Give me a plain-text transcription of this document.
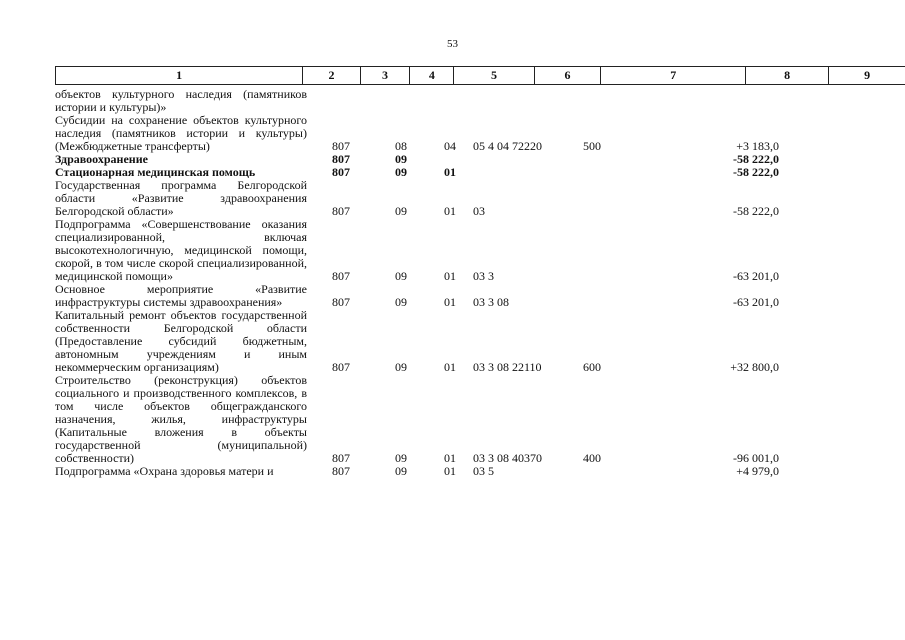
53
1	2	3	4	5	6	7	8	9
объектов культурного наследия (памятников истории и культуры)»						
Субсидии на сохранение объектов культурного наследия (памятников истории и культуры) (Межбюджетные трансферты)	807	08	04	05 4 04 72220	500	+3 183,0
Здравоохранение	807	09				-58 222,0
Стационарная медицинская помощь	807	09	01			-58 222,0
Государственная программа Белгородской области «Развитие здравоохранения Белгородской области»	807	09	01	03		-58 222,0
Подпрограмма «Совершенствование оказания специализированной, включая высокотехнологичную, медицинской помощи, скорой, в том числе скорой специализированной, медицинской помощи»	807	09	01	03 3		-63 201,0
Основное мероприятие «Развитие инфраструктуры системы здравоохранения»	807	09	01	03 3 08		-63 201,0
Капитальный ремонт объектов государственной собственности Белгородской области (Предоставление субсидий бюджетным, автономным учреждениям и иным некоммерческим организациям)	807	09	01	03 3 08 22110	600	+32 800,0
Строительство (реконструкция) объектов социального и производственного комплексов, в том числе объектов общегражданского назначения, жилья, инфраструктуры (Капитальные вложения в объекты государственной (муниципальной) собственности)	807	09	01	03 3 08 40370	400	-96 001,0
Подпрограмма «Охрана здоровья матери и	807	09	01	03 5		+4 979,0
